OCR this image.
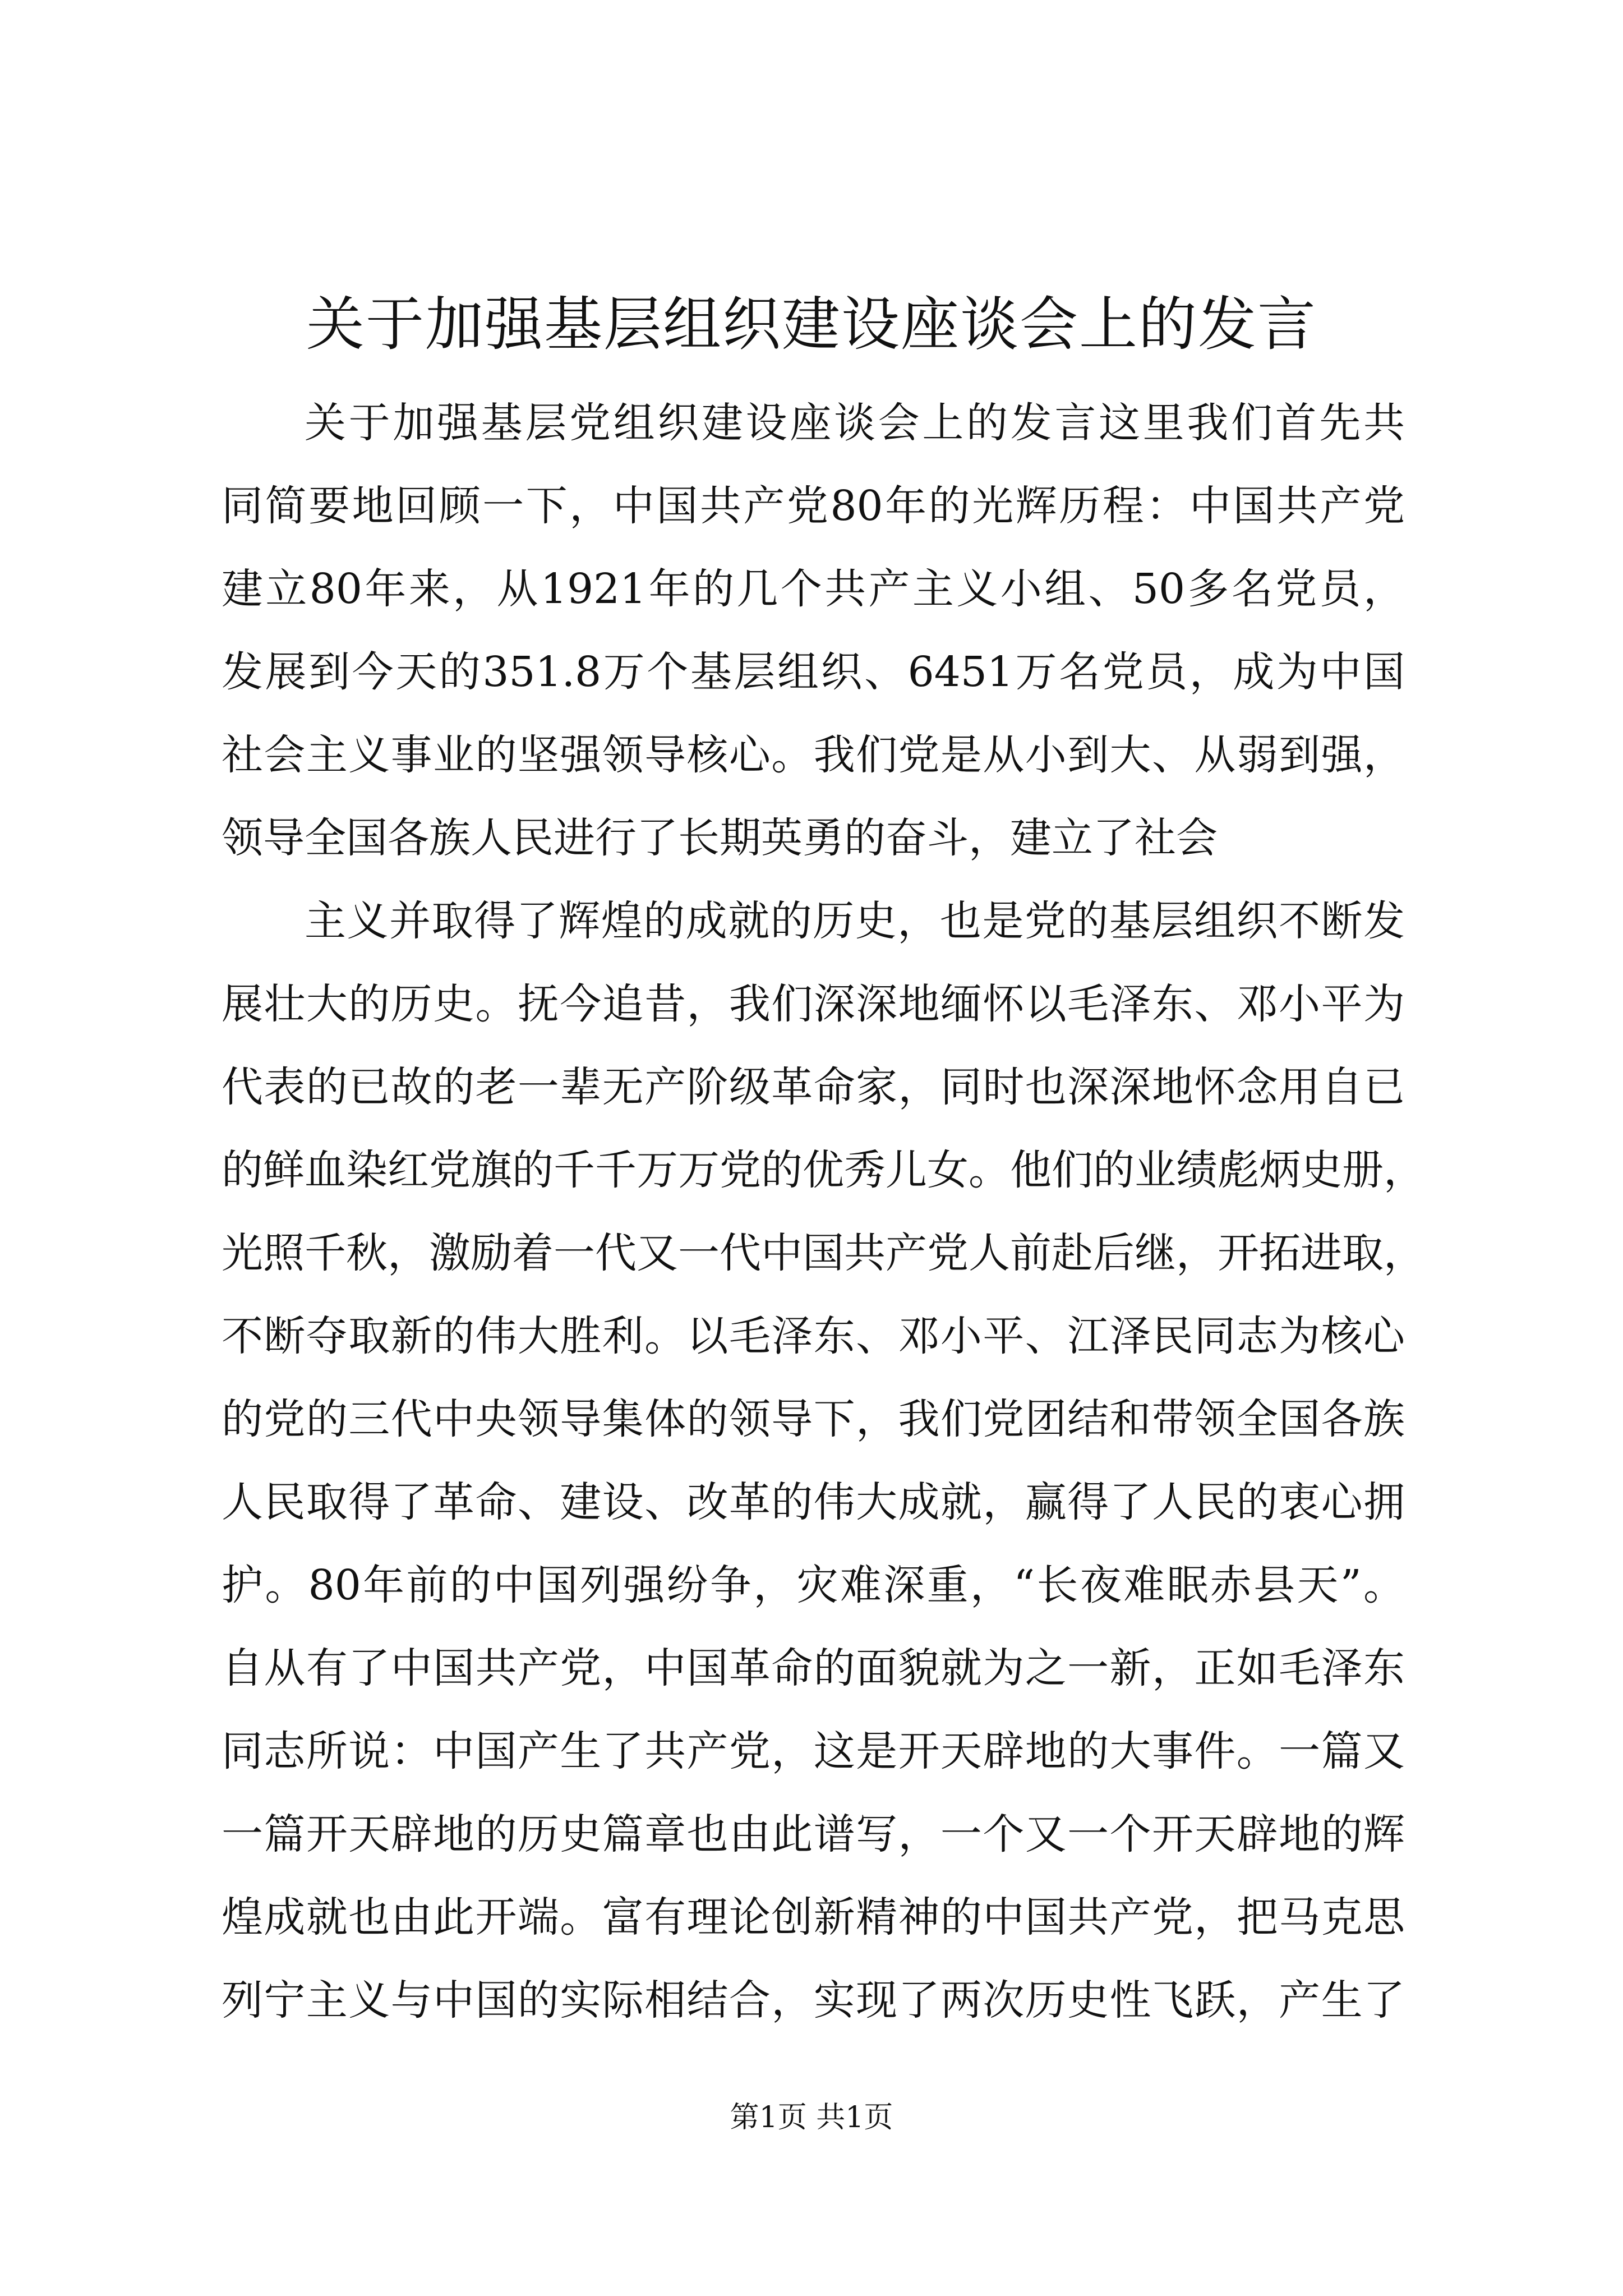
关于加强基层组织建设座谈会上的发言
关于加强基层党组织建设座谈会上的发言这里我们首先共
同简要地回顾一下，中国共产党80年的光辉历程：中国共产党
建立80年来，从1921年的几个共产主义小组、50多名党员，
发展到今天的351.8万个基层组织、6451万名党员，成为中国
社会主义事业的坚强领导核心。我们党是从小到大、从弱到强，
领导全国各族人民进行了长期英勇的奋斗，建立了社会
主义并取得了辉煌的成就的历史，也是党的基层组织不断发
展壮大的历史。抚今追昔，我们深深地缅怀以毛泽东、邓小平为
代表的已故的老一辈无产阶级革命家，同时也深深地怀念用自已
的鲜血染红党旗的千千万万党的优秀儿女。他们的业绩彪炳史册，
光照千秋，激励着一代又一代中国共产党人前赴后继，开拓进取，
不断夺取新的伟大胜利。以毛泽东、邓小平、江泽民同志为核心
的党的三代中央领导集体的领导下，我们党团结和带领全国各族
人民取得了革命、建设、改革的伟大成就，赢得了人民的衷心拥
护。80年前的中国列强纷争，灾难深重，“长夜难眠赤县天”。
自从有了中国共产党，中国革命的面貌就为之一新，正如毛泽东
同志所说：中国产生了共产党，这是开天辟地的大事件。一篇又
一篇开天辟地的历史篇章也由此谱写，一个又一个开天辟地的辉
煌成就也由此开端。富有理论创新精神的中国共产党，把马克思
列宁主义与中国的实际相结合，实现了两次历史性飞跃，产生了
第1页 共1页
